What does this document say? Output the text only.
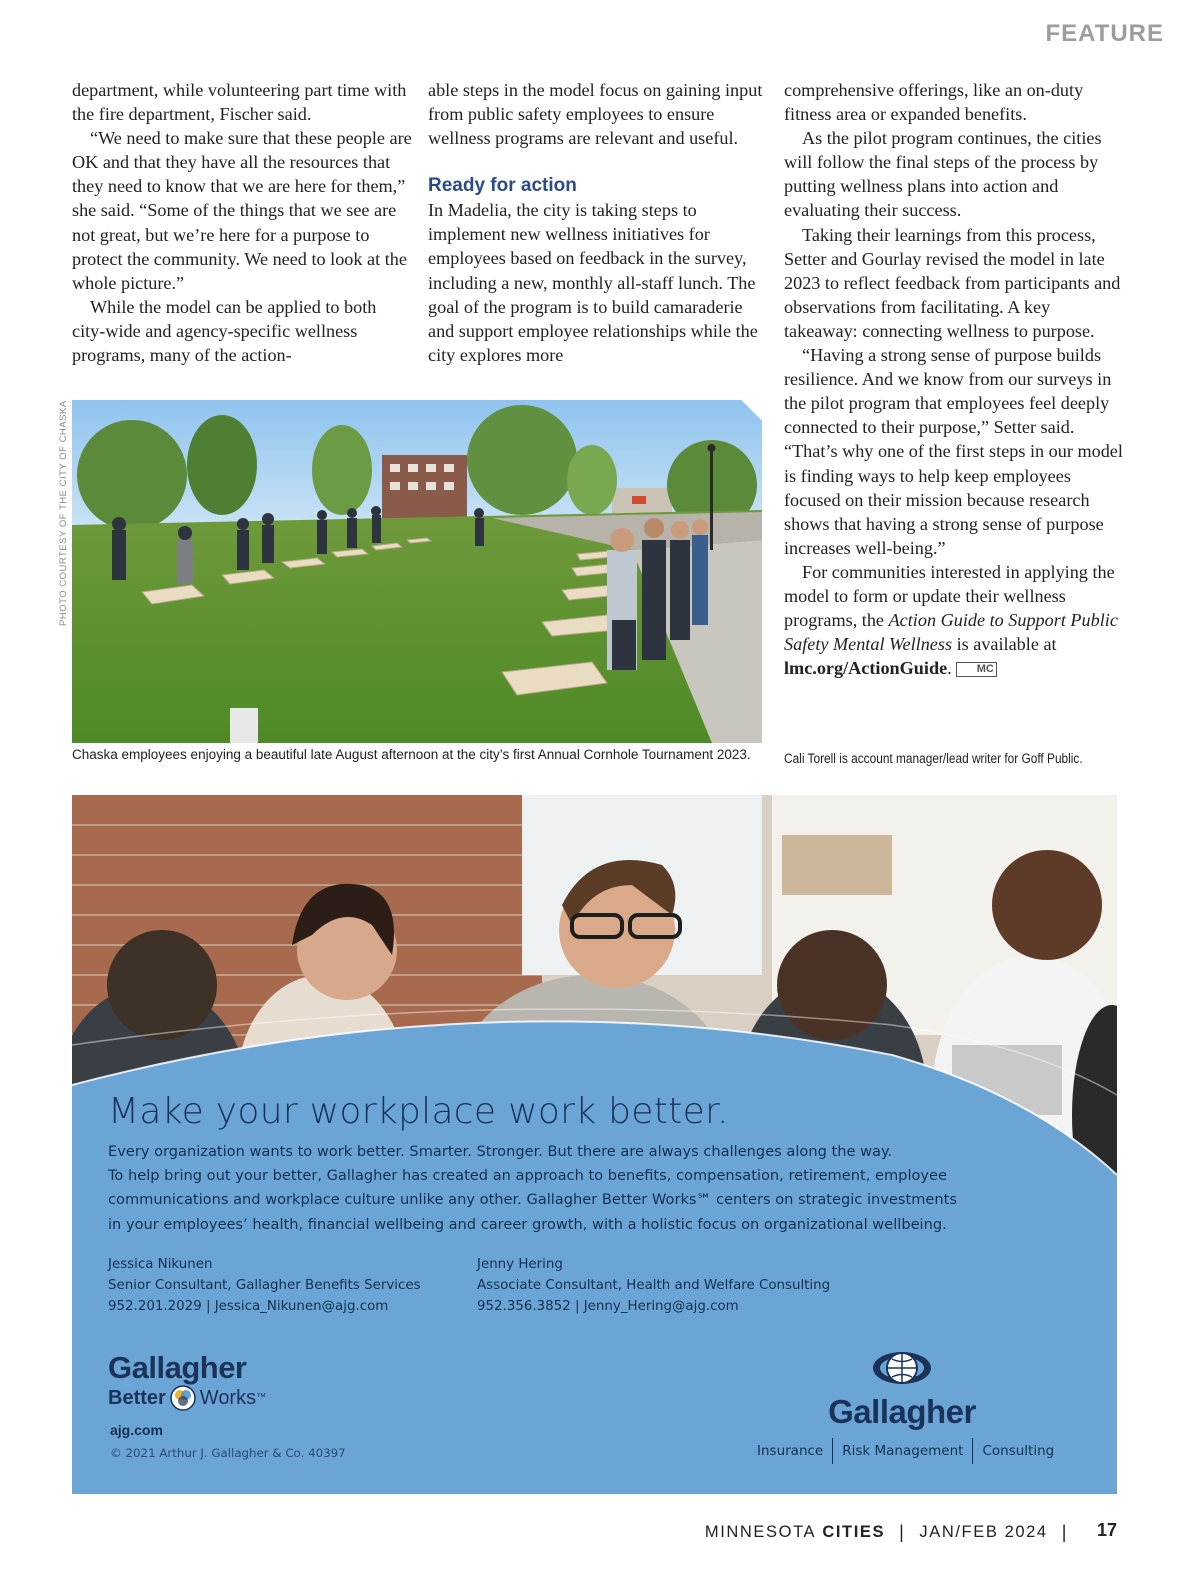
FEATURE

department, while volunteering part time with the fire department, Fischer said.

“We need to make sure that these people are OK and that they have all the resources that they need to know that we are here for them,” she said. “Some of the things that we see are not great, but we’re here for a purpose to protect the community. We need to look at the whole picture.”

While the model can be applied to both city-wide and agency-specific wellness programs, many of the action-

able steps in the model focus on gaining input from public safety employees to ensure wellness programs are relevant and useful.

Ready for action

In Madelia, the city is taking steps to implement new wellness initiatives for employees based on feedback in the survey, including a new, monthly all-staff lunch. The goal of the program is to build camaraderie and support employee relationships while the city explores more

comprehensive offerings, like an on-duty fitness area or expanded benefits.

As the pilot program continues, the cities will follow the final steps of the process by putting wellness plans into action and evaluating their success.

Taking their learnings from this process, Setter and Gourlay revised the model in late 2023 to reflect feedback from participants and observations from facilitating. A key takeaway: connecting wellness to purpose.

“Having a strong sense of purpose builds resilience. And we know from our surveys in the pilot program that employees feel deeply connected to their purpose,” Setter said. “That’s why one of the first steps in our model is finding ways to help keep employees focused on their mission because research shows that having a strong sense of purpose increases well-being.”

For communities interested in applying the model to form or update their wellness programs, the Action Guide to Support Public Safety Mental Wellness is available at lmc.org/ActionGuide. MC

PHOTO COURTESY OF THE CITY OF CHASKA
Chaska employees enjoying a beautiful late August afternoon at the city’s first Annual Cornhole Tournament 2023.	Cali Torell is account manager/lead writer for Goff Public.
Make your workplace work better.
Every organization wants to work better. Smarter. Stronger. But there are always challenges along the way.
To help bring out your better, Gallagher has created an approach to benefits, compensation, retirement, employee
communications and workplace culture unlike any other. Gallagher Better Works℠ centers on strategic investments
in your employees’ health, financial wellbeing and career growth, with a holistic focus on organizational wellbeing.
Jessica Nikunen
Senior Consultant, Gallagher Benefits Services
952.201.2029 | Jessica_Nikunen@ajg.com
Jenny Hering
Associate Consultant, Health and Welfare Consulting
952.356.3852 | Jenny_Hering@ajg.com
Gallagher
Better Works ™
ajg.com
© 2021 Arthur J. Gallagher & Co. 40397
Gallagher
Insurance	Risk Management	Consulting
MINNESOTA
CITIES | JAN/FEB 2024 | 17
